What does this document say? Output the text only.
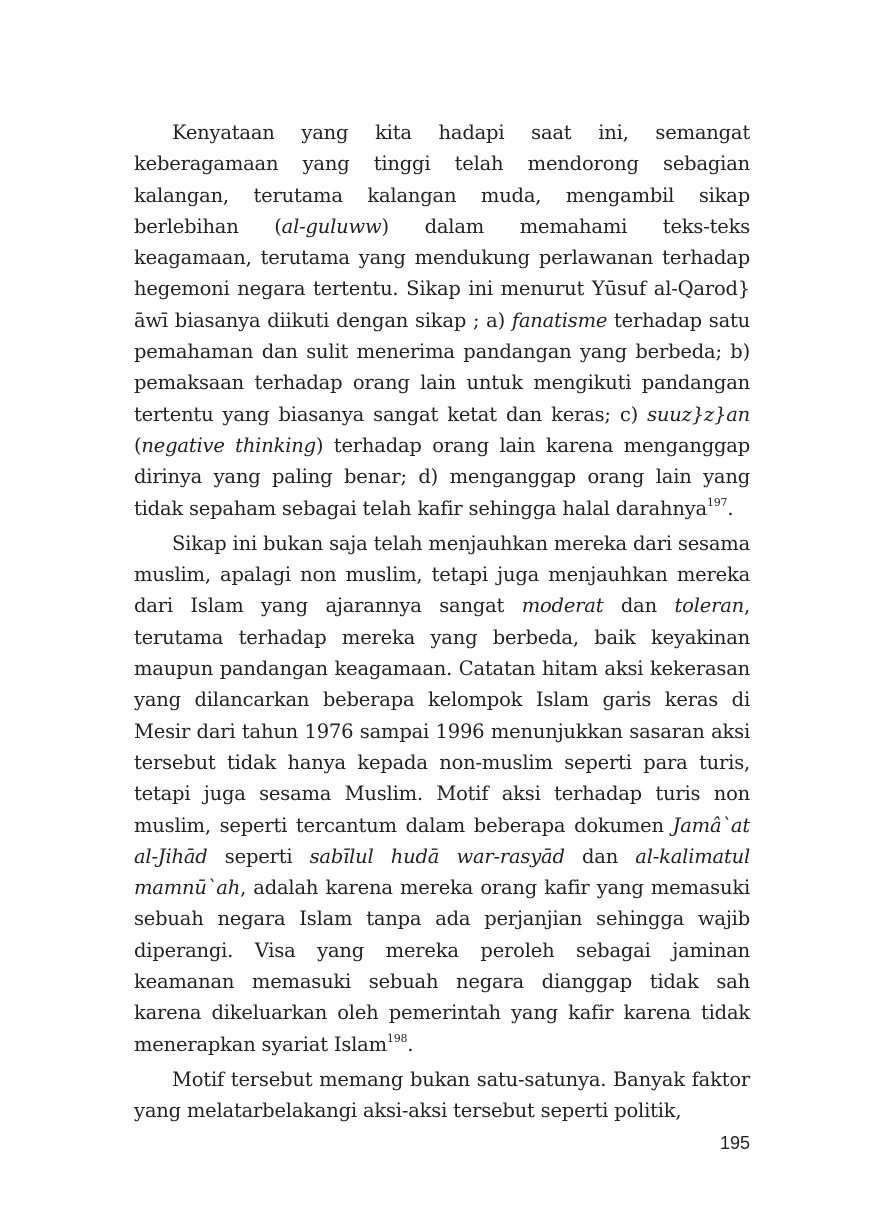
Kenyataan yang kita hadapi saat ini, semangat keberagamaan yang tinggi telah mendorong sebagian kalangan, terutama kalangan muda, mengambil sikap berlebihan (al-guluww) dalam memahami teks-teks keagamaan, terutama yang mendukung perlawanan terhadap hegemoni negara tertentu. Sikap ini menurut Yūsuf al-Qarod}āwī biasanya diikuti dengan sikap ; a) fanatisme terhadap satu pemahaman dan sulit menerima pandangan yang berbeda; b) pemaksaan terhadap orang lain untuk mengikuti pandangan tertentu yang biasanya sangat ketat dan keras; c) suuz}z}an (negative thinking) terhadap orang lain karena menganggap dirinya yang paling benar; d) menganggap orang lain yang tidak sepaham sebagai telah kafir sehingga halal darahnya$^{197}$.

Sikap ini bukan saja telah menjauhkan mereka dari sesama muslim, apalagi non muslim, tetapi juga menjauhkan mereka dari Islam yang ajarannya sangat moderat dan toleran, terutama terhadap mereka yang berbeda, baik keyakinan maupun pandangan keagamaan. Catatan hitam aksi kekerasan yang dilancarkan beberapa kelompok Islam garis keras di Mesir dari tahun 1976 sampai 1996 menunjukkan sasaran aksi tersebut tidak hanya kepada non-muslim seperti para turis, tetapi juga sesama Muslim. Motif aksi terhadap turis non muslim, seperti tercantum dalam beberapa dokumen Jamâ`at al-Jihād seperti sabīlul hudā war-rasyād dan al-kalimatul mamnū`ah, adalah karena mereka orang kafir yang memasuki sebuah negara Islam tanpa ada perjanjian sehingga wajib diperangi. Visa yang mereka peroleh sebagai jaminan keamanan memasuki sebuah negara dianggap tidak sah karena dikeluarkan oleh pemerintah yang kafir karena tidak menerapkan syariat Islam$^{198}$.

Motif tersebut memang bukan satu-satunya. Banyak faktor yang melatarbelakangi aksi-aksi tersebut seperti politik,

195
